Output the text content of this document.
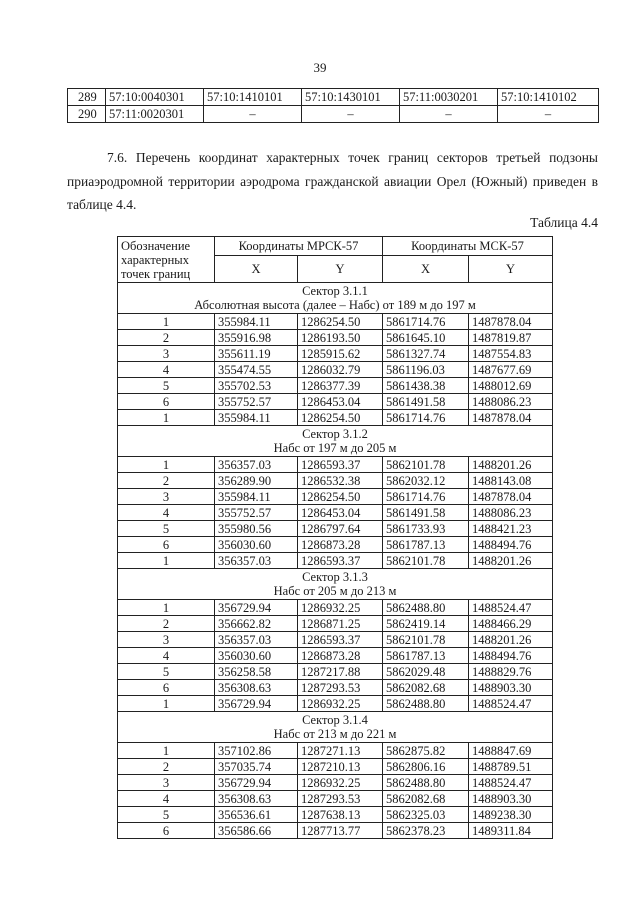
39
289	57:10:0040301	57:10:1410101	57:10:1430101	57:11:0030201	57:10:1410102
290	57:11:0020301	–	–	–	–

7.6. Перечень координат характерных точек границ секторов третьей подзоны приаэродромной территории аэродрома гражданской авиации Орел (Южный) приведен в таблице 4.4.

Таблица 4.4
Обозначение характерных точек границ	Координаты МРСК-57		Координаты МСК-57	
	X	Y	X	Y

Сектор 3.1.1
Абсолютная высота (далее – Набс) от 189 м до 197 м				

1	355984.11	1286254.50	5861714.76	1487878.04
2	355916.98	1286193.50	5861645.10	1487819.87
3	355611.19	1285915.62	5861327.74	1487554.83
4	355474.55	1286032.79	5861196.03	1487677.69
5	355702.53	1286377.39	5861438.38	1488012.69
6	355752.57	1286453.04	5861491.58	1488086.23
1	355984.11	1286254.50	5861714.76	1487878.04

Сектор 3.1.2
Набс от 197 м до 205 м				

1	356357.03	1286593.37	5862101.78	1488201.26
2	356289.90	1286532.38	5862032.12	1488143.08
3	355984.11	1286254.50	5861714.76	1487878.04
4	355752.57	1286453.04	5861491.58	1488086.23
5	355980.56	1286797.64	5861733.93	1488421.23
6	356030.60	1286873.28	5861787.13	1488494.76
1	356357.03	1286593.37	5862101.78	1488201.26

Сектор 3.1.3
Набс от 205 м до 213 м				

1	356729.94	1286932.25	5862488.80	1488524.47
2	356662.82	1286871.25	5862419.14	1488466.29
3	356357.03	1286593.37	5862101.78	1488201.26
4	356030.60	1286873.28	5861787.13	1488494.76
5	356258.58	1287217.88	5862029.48	1488829.76
6	356308.63	1287293.53	5862082.68	1488903.30
1	356729.94	1286932.25	5862488.80	1488524.47

Сектор 3.1.4
Набс от 213 м до 221 м				

1	357102.86	1287271.13	5862875.82	1488847.69
2	357035.74	1287210.13	5862806.16	1488789.51
3	356729.94	1286932.25	5862488.80	1488524.47
4	356308.63	1287293.53	5862082.68	1488903.30
5	356536.61	1287638.13	5862325.03	1489238.30
6	356586.66	1287713.77	5862378.23	1489311.84
